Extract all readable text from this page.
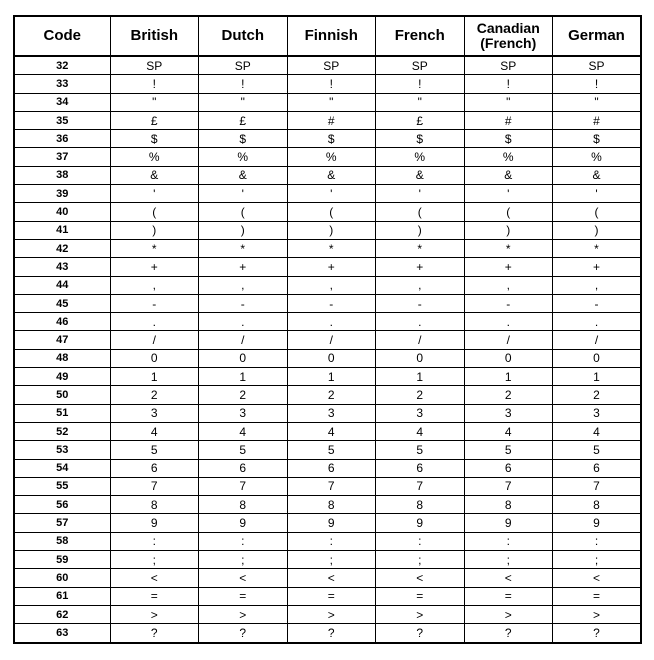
Code	British	Dutch	Finnish	French	Canadian (French)	German
32	SP	SP	SP	SP	SP	SP
33	!	!	!	!	!	!
34	"	"	"	"	"	"
35	£	£	#	£	#	#
36	$	$	$	$	$	$
37	%	%	%	%	%	%
38	&	&	&	&	&	&
39	'	'	'	'	'	'
40	(	(	(	(	(	(
41	)	)	)	)	)	)
42	*	*	*	*	*	*
43	+	+	+	+	+	+
44	,	,	,	,	,	,
45	-	-	-	-	-	-
46	.	.	.	.	.	.
47	/	/	/	/	/	/
48	0	0	0	0	0	0
49	1	1	1	1	1	1
50	2	2	2	2	2	2
51	3	3	3	3	3	3
52	4	4	4	4	4	4
53	5	5	5	5	5	5
54	6	6	6	6	6	6
55	7	7	7	7	7	7
56	8	8	8	8	8	8
57	9	9	9	9	9	9
58	:	:	:	:	:	:
59	;	;	;	;	;	;
60	<	<	<	<	<	<
61	=	=	=	=	=	=
62	>	>	>	>	>	>
63	?	?	?	?	?	?
